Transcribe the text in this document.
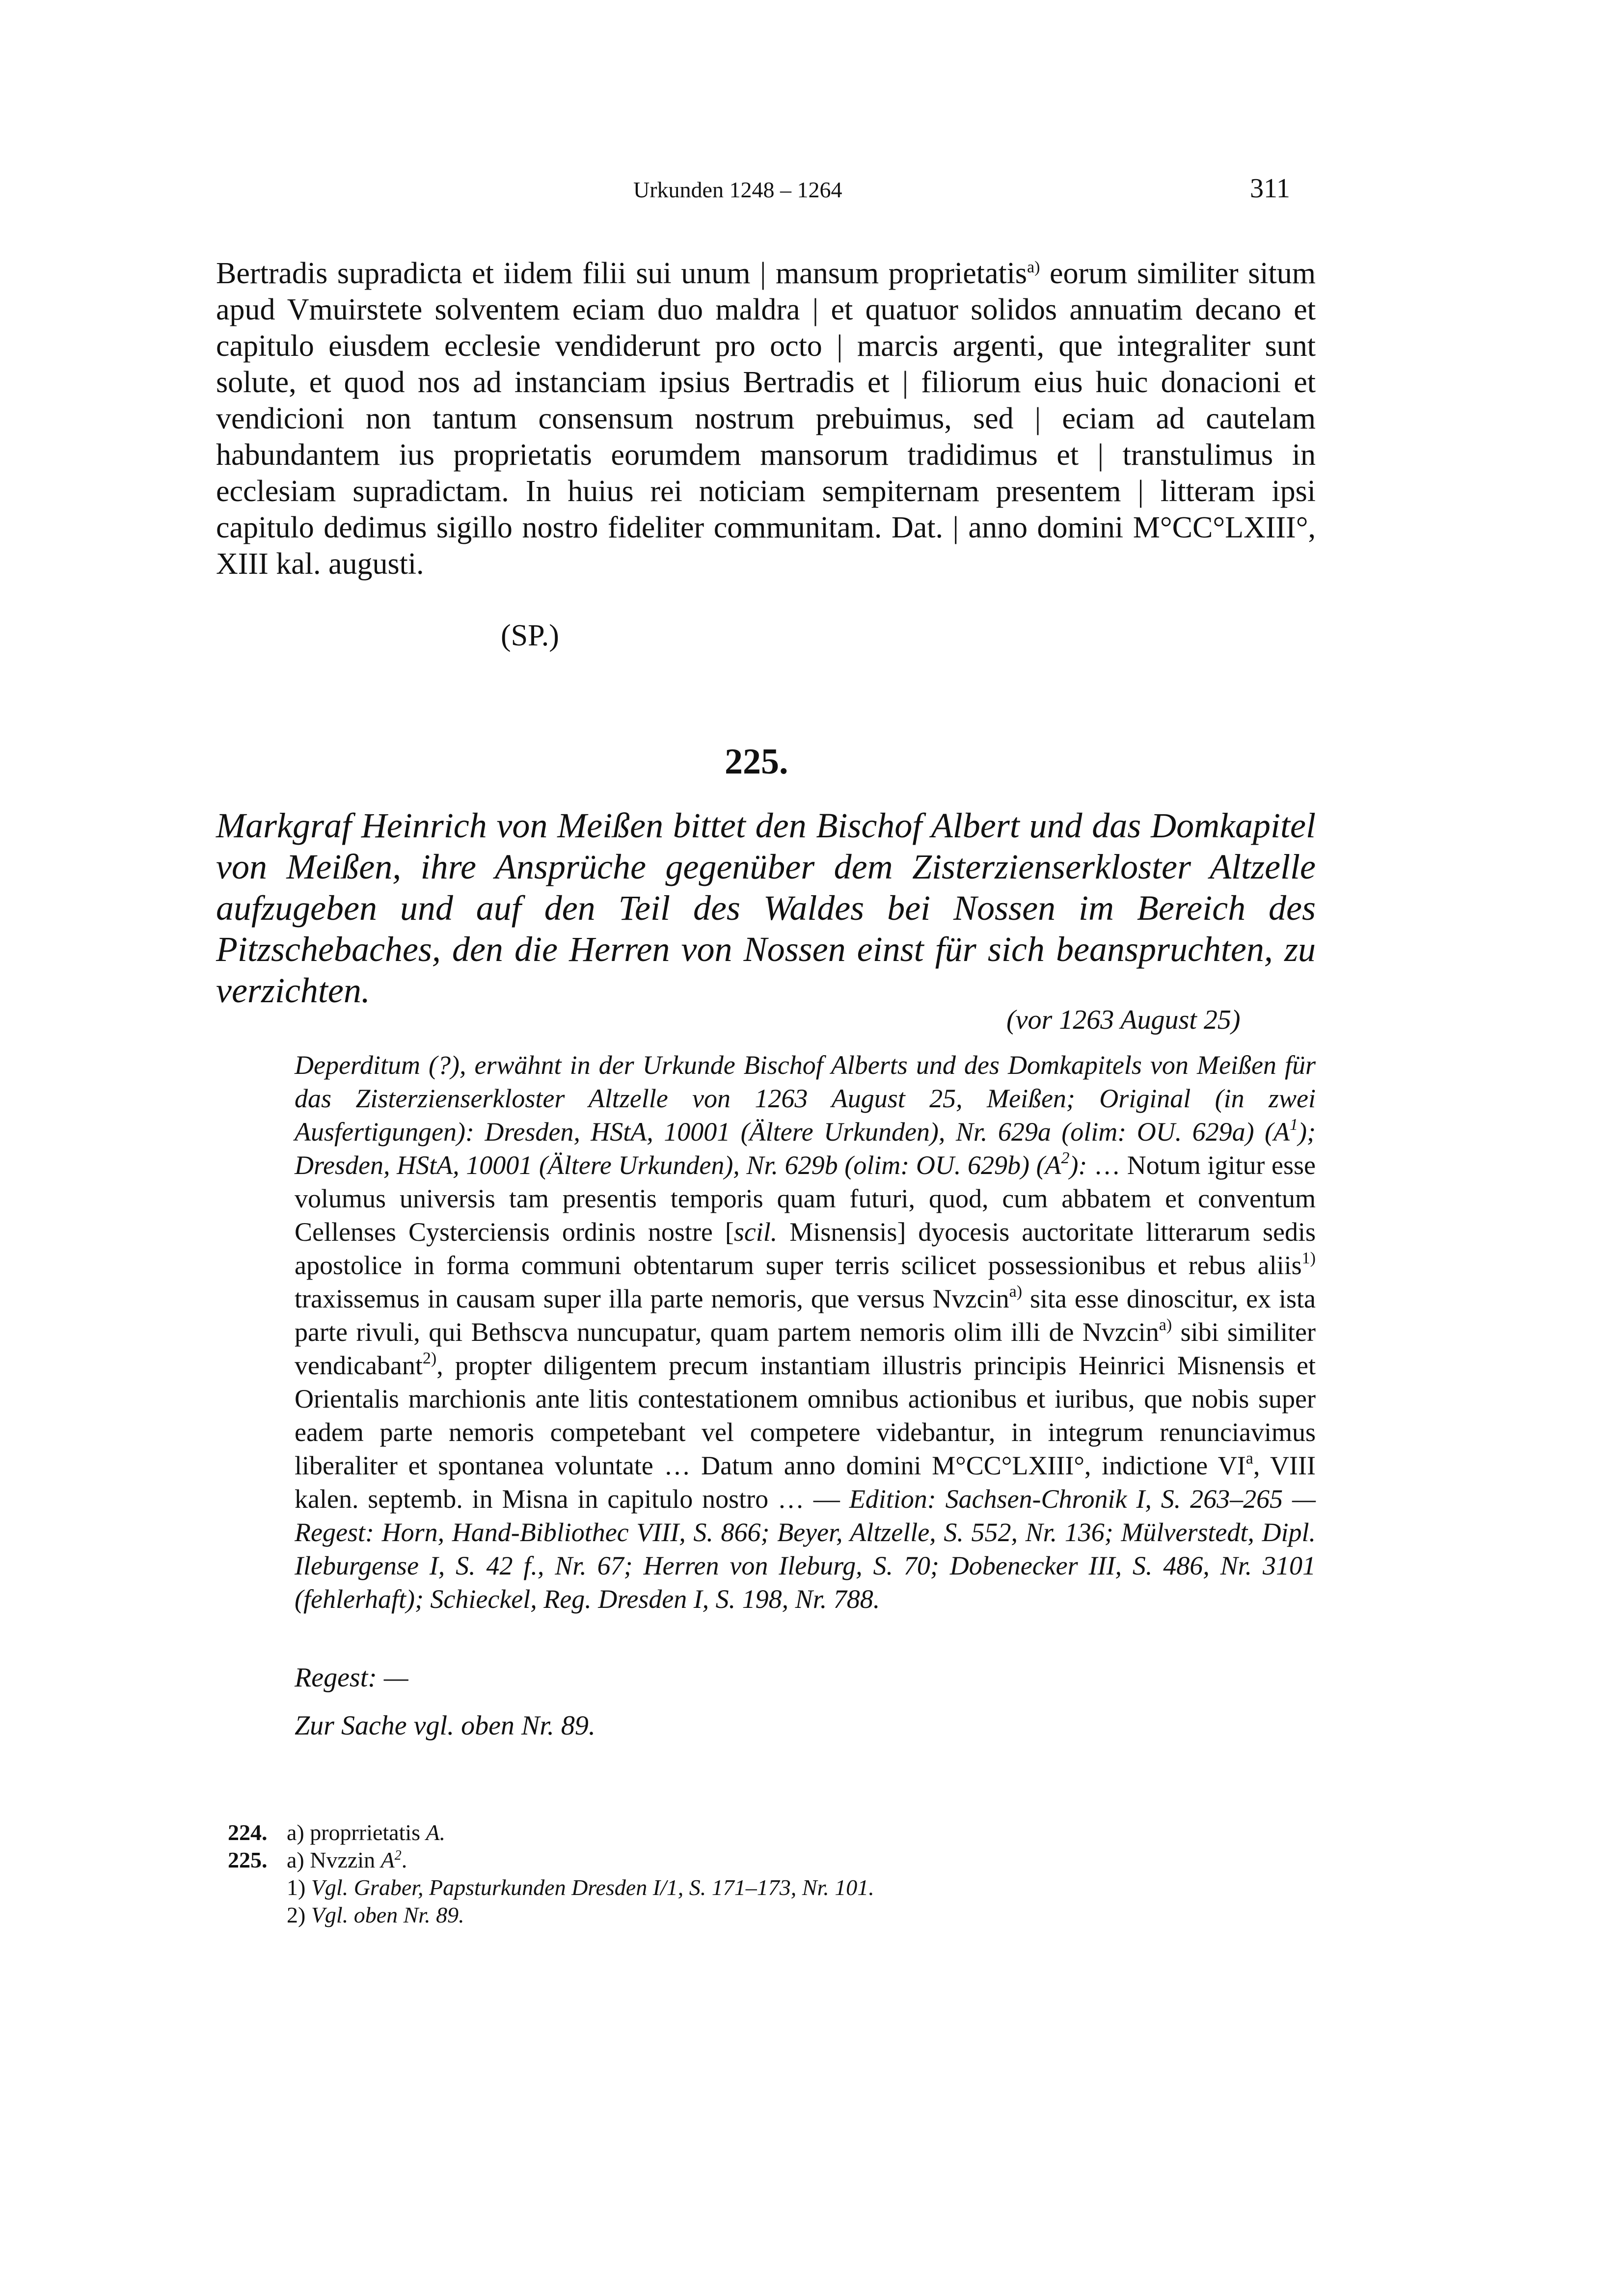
Urkunden 1248 – 1264	311

Bertradis supradicta et iidem filii sui unum | mansum proprietatis$^{a)}$ eorum similiter situm apud Vmuirstete solventem eciam duo maldra | et quatuor solidos annuatim decano et capitulo eiusdem ecclesie vendiderunt pro octo | marcis argenti, que integraliter sunt solute, et quod nos ad instanciam ipsius Bertradis et | filiorum eius huic donacioni et vendicioni non tantum consensum nostrum prebuimus, sed | eciam ad cautelam habundantem ius proprietatis eorumdem mansorum tradidimus et | transtulimus in ecclesiam supradictam. In huius rei noticiam sempiternam presentem | litteram ipsi capitulo dedimus sigillo nostro fideliter communitam. Dat. | anno domini M°CC°LXIII°, XIII kal. augusti.

(SP.)
225.

Markgraf Heinrich von Meißen bittet den Bischof Albert und das Domkapitel von Meißen, ihre Ansprüche gegenüber dem Zisterzienserkloster Altzelle aufzugeben und auf den Teil des Waldes bei Nossen im Bereich des Pitzschebaches, den die Herren von Nossen einst für sich beanspruchten, zu verzichten.

(vor 1263 August 25)

Deperditum (?), erwähnt in der Urkunde Bischof Alberts und des Domkapitels von Meißen für das Zisterzienserkloster Altzelle von 1263 August 25, Meißen; Original (in zwei Ausfertigungen): Dresden, HStA, 10001 (Ältere Urkunden), Nr. 629a (olim: OU. 629a) $(A^1)$; Dresden, HStA, 10001 (Ältere Urkunden), Nr. 629b (olim: OU. 629b) $(A^2)$: … Notum igitur esse volumus universis tam presentis temporis quam futuri, quod, cum abbatem et conventum Cellenses Cysterciensis ordinis nostre [scil. Misnensis] dyocesis auctoritate litterarum sedis apostolice in forma communi obtentarum super terris scilicet possessionibus et rebus aliis$^{1)}$ traxissemus in causam super illa parte nemoris, que versus Nvzcin$^{a)}$ sita esse dinoscitur, ex ista parte rivuli, qui Bethscva nuncupatur, quam partem nemoris olim illi de Nvzcin$^{a)}$ sibi similiter vendicabant$^{2)}$, propter diligentem precum instantiam illustris principis Heinrici Misnensis et Orientalis marchionis ante litis contestationem omnibus actionibus et iuribus, que nobis super eadem parte nemoris competebant vel competere videbantur, in integrum renunciavimus liberaliter et spontanea voluntate … Datum anno domini M°CC°LXIII°, indictione $VI^a$, VIII kalen. septemb. in Misna in capitulo nostro … — Edition: Sachsen-Chronik I, S. 263–265 — Regest: Horn, Hand-Bibliothec VIII, S. 866; Beyer, Altzelle, S. 552, Nr. 136; Mülverstedt, Dipl. Ileburgense I, S. 42 f., Nr. 67; Herren von Ileburg, S. 70; Dobenecker III, S. 486, Nr. 3101 (fehlerhaft); Schieckel, Reg. Dresden I, S. 198, Nr. 788.

Regest: —

Zur Sache vgl. oben Nr. 89.

224. a) proprrietatis A.
225. a) Nvzzin A$^2$.
1) Vgl. Graber, Papsturkunden Dresden I/1, S. 171–173, Nr. 101.
2) Vgl. oben Nr. 89.
